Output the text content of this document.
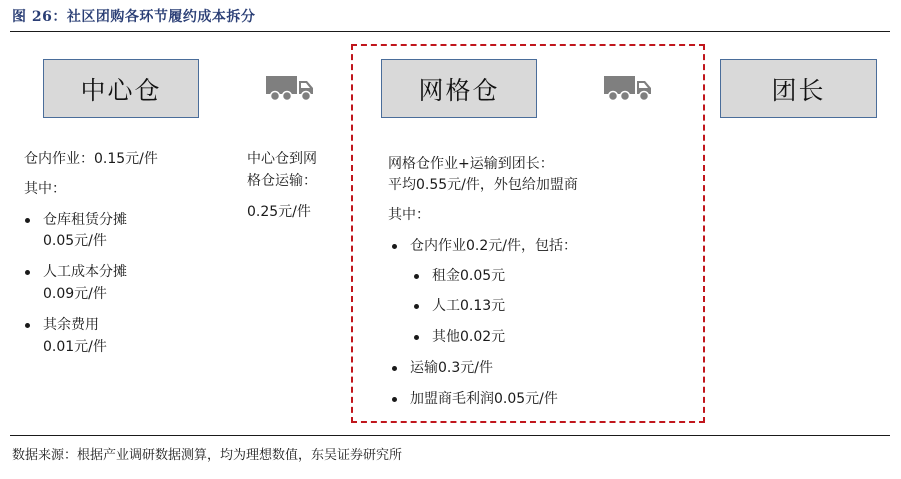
图 26：社区团购各环节履约成本拆分
中心仓	网格仓	团长
仓内作业：0.15元/件
其中：
仓库租赁分摊
0.05元/件
人工成本分摊
0.09元/件
其余费用
0.01元/件
中心仓到网
格仓运输：
0.25元/件
网格仓作业+运输到团长：
平均0.55元/件，外包给加盟商
其中：
仓内作业0.2元/件，包括：
租金0.05元
人工0.13元
其他0.02元
运输0.3元/件
加盟商毛利润0.05元/件
数据来源：根据产业调研数据测算，均为理想数值，东吴证券研究所
